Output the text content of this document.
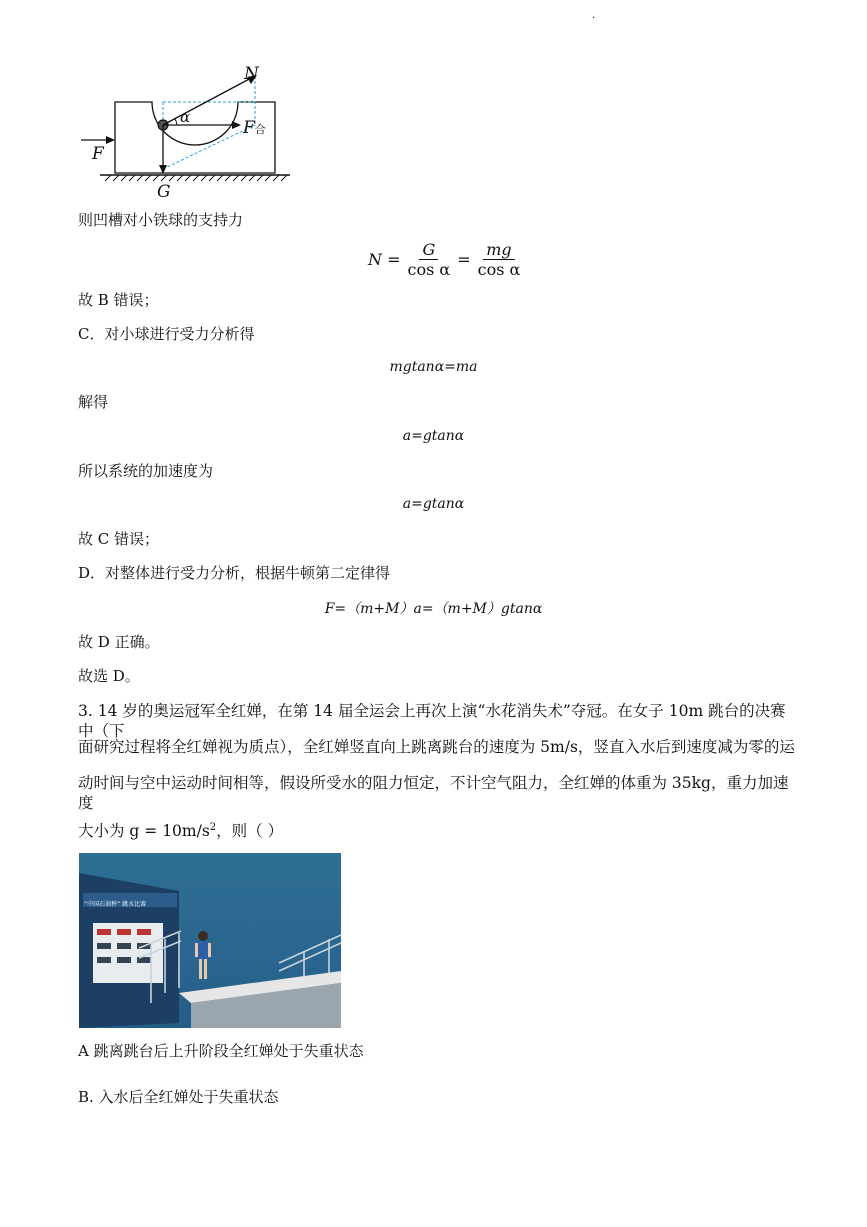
.
N
α
F合
F
G
则凹槽对小铁球的支持力
$N = \frac{G}{\text{cos α}} = \frac{mg}{\text{cos α}}$
故 B 错误；
C．对小球进行受力分析得
mgtanα=ma
解得
a=gtanα
所以系统的加速度为
a=gtanα
故 C 错误；
D．对整体进行受力分析，根据牛顿第二定律得
F=（m+M）a=（m+M）gtanα
故 D 正确。
故选 D。
3. 14 岁的奥运冠军全红婵，在第 14 届全运会上再次上演“水花消失术”夺冠。在女子 10m 跳台的决赛中（下
面研究过程将全红婵视为质点），全红婵竖直向上跳离跳台的速度为 5m/s，竖直入水后到速度减为零的运
动时间与空中运动时间相等，假设所受水的阻力恒定，不计空气阻力，全红婵的体重为 35kg，重力加速度
大小为 $g = 10m/s^2$，则（ ）
“中国石油杯” 跳水比赛
A 跳离跳台后上升阶段全红婵处于失重状态
B. 入水后全红婵处于失重状态
